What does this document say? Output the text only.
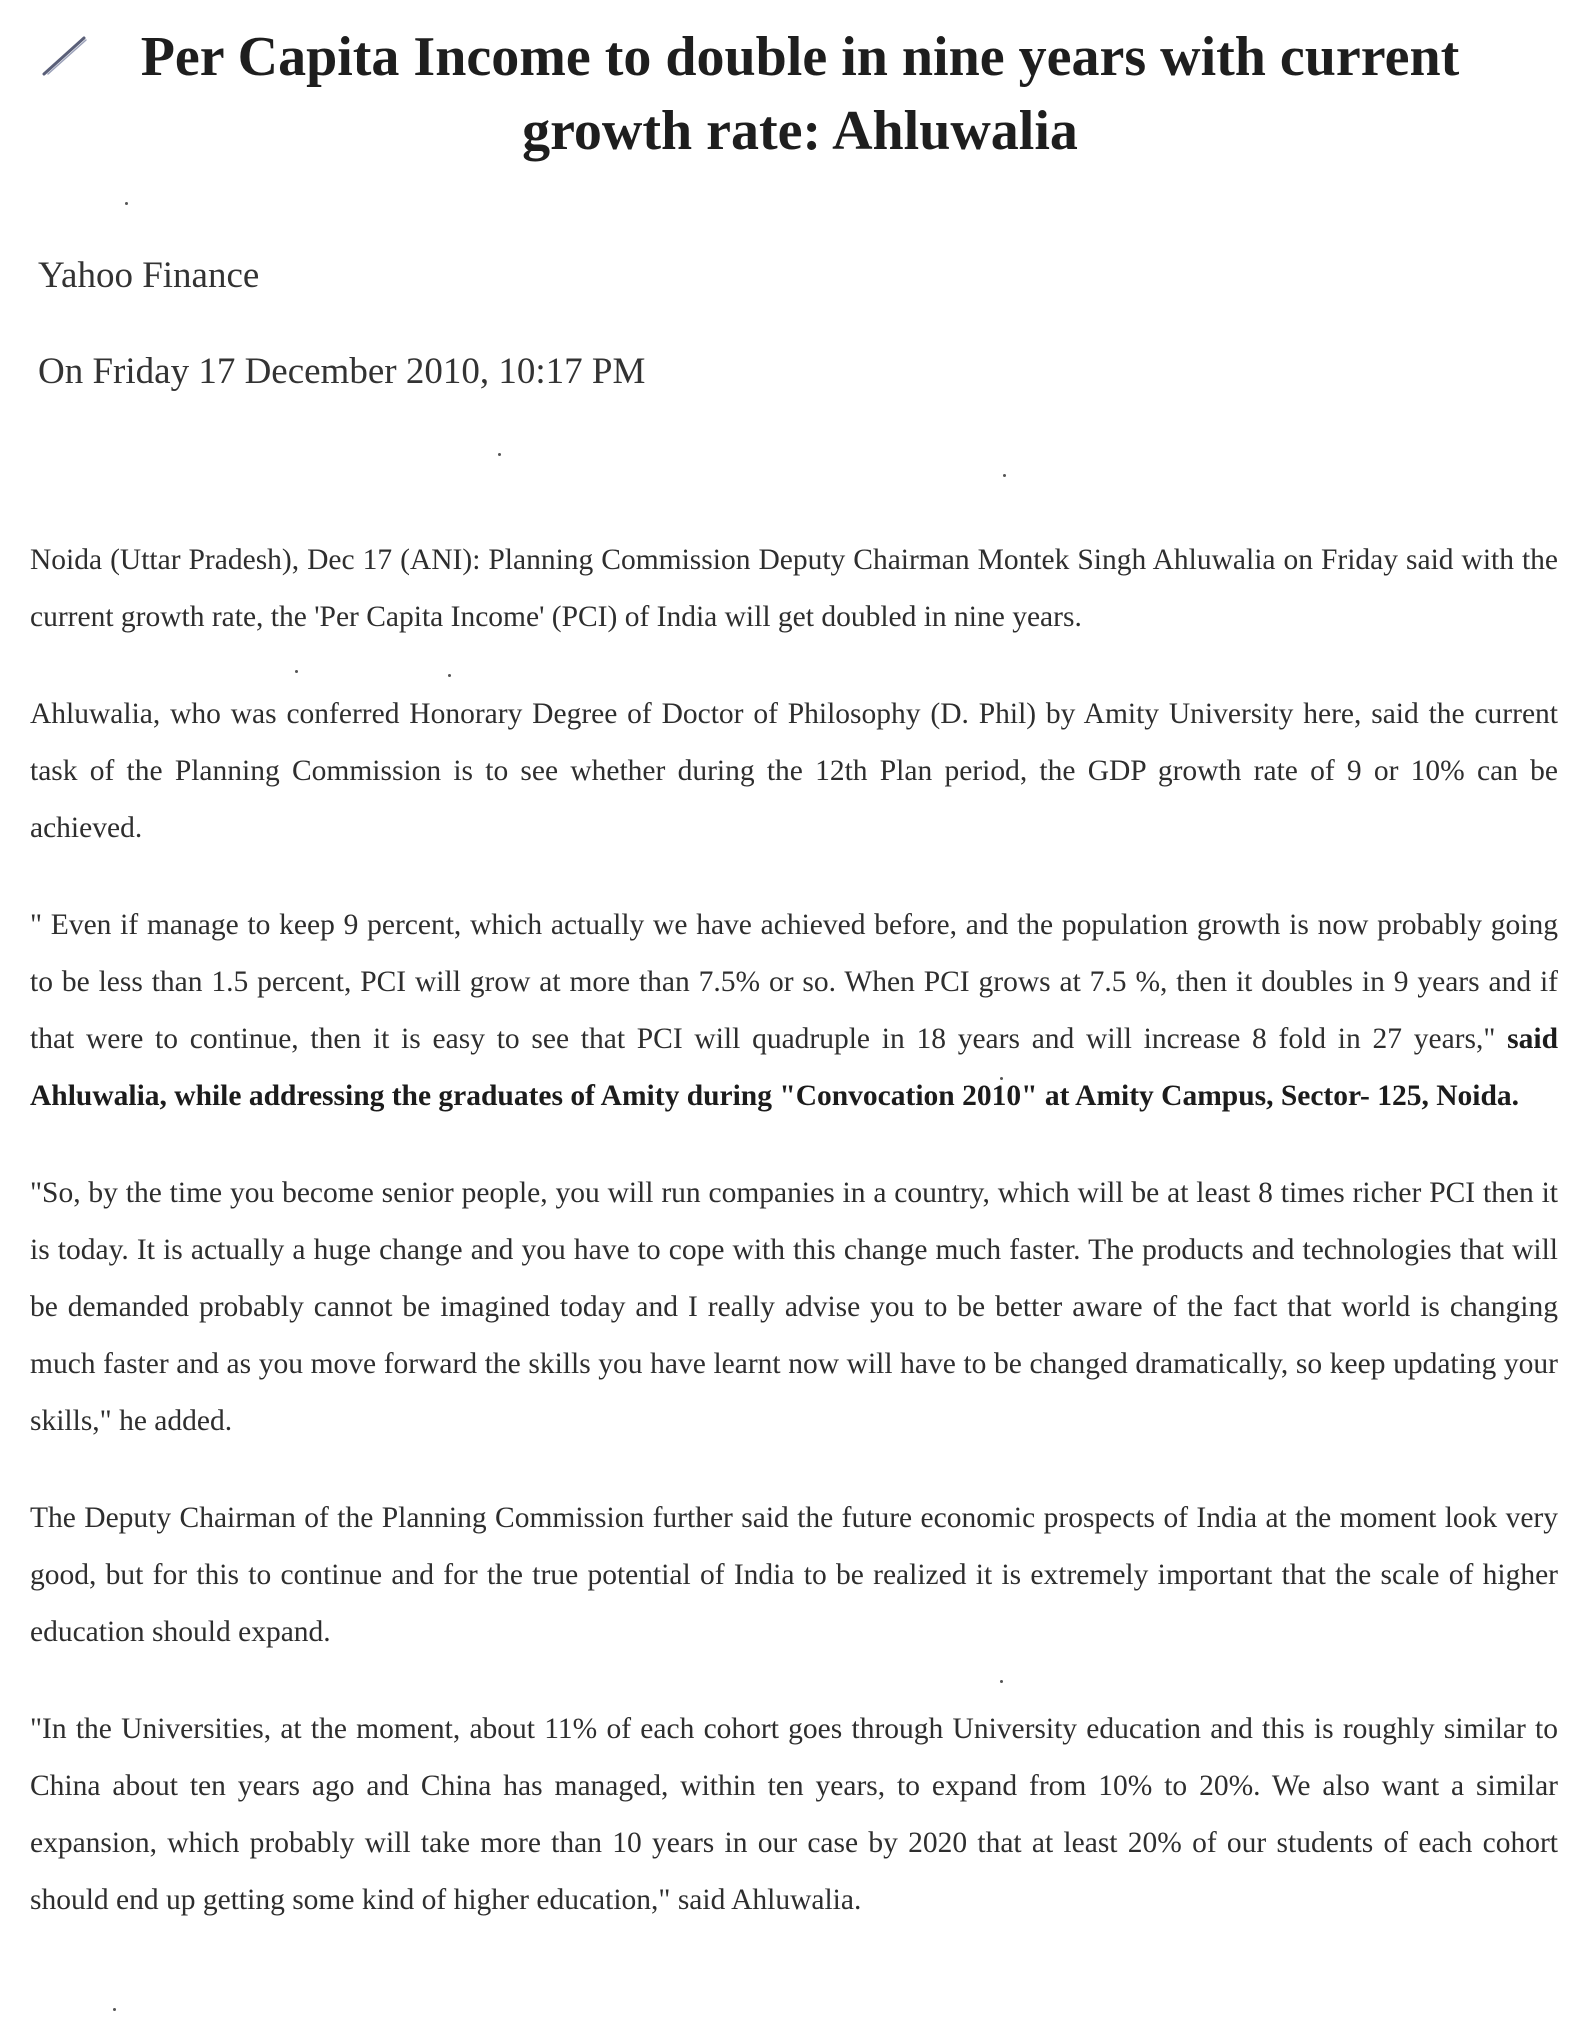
Per Capita Income to double in nine years with current growth rate: Ahluwalia
Yahoo Finance
On Friday 17 December 2010, 10:17 PM

Noida (Uttar Pradesh), Dec 17 (ANI): Planning Commission Deputy Chairman Montek Singh Ahluwalia on Friday said with the current growth rate, the 'Per Capita Income' (PCI) of India will get doubled in nine years.

Ahluwalia, who was conferred Honorary Degree of Doctor of Philosophy (D. Phil) by Amity University here, said the current task of the Planning Commission is to see whether during the 12th Plan period, the GDP growth rate of 9 or 10% can be achieved.

" Even if manage to keep 9 percent, which actually we have achieved before, and the population growth is now probably going to be less than 1.5 percent, PCI will grow at more than 7.5% or so. When PCI grows at 7.5 %, then it doubles in 9 years and if that were to continue, then it is easy to see that PCI will quadruple in 18 years and will increase 8 fold in 27 years," said Ahluwalia, while addressing the graduates of Amity during "Convocation 2010" at Amity Campus, Sector- 125, Noida.

"So, by the time you become senior people, you will run companies in a country, which will be at least 8 times richer PCI then it is today. It is actually a huge change and you have to cope with this change much faster. The products and technologies that will be demanded probably cannot be imagined today and I really advise you to be better aware of the fact that world is changing much faster and as you move forward the skills you have learnt now will have to be changed dramatically, so keep updating your skills," he added.

The Deputy Chairman of the Planning Commission further said the future economic prospects of India at the moment look very good, but for this to continue and for the true potential of India to be realized it is extremely important that the scale of higher education should expand.

"In the Universities, at the moment, about 11% of each cohort goes through University education and this is roughly similar to China about ten years ago and China has managed, within ten years, to expand from 10% to 20%. We also want a similar expansion, which probably will take more than 10 years in our case by 2020 that at least 20% of our students of each cohort should end up getting some kind of higher education," said Ahluwalia.
